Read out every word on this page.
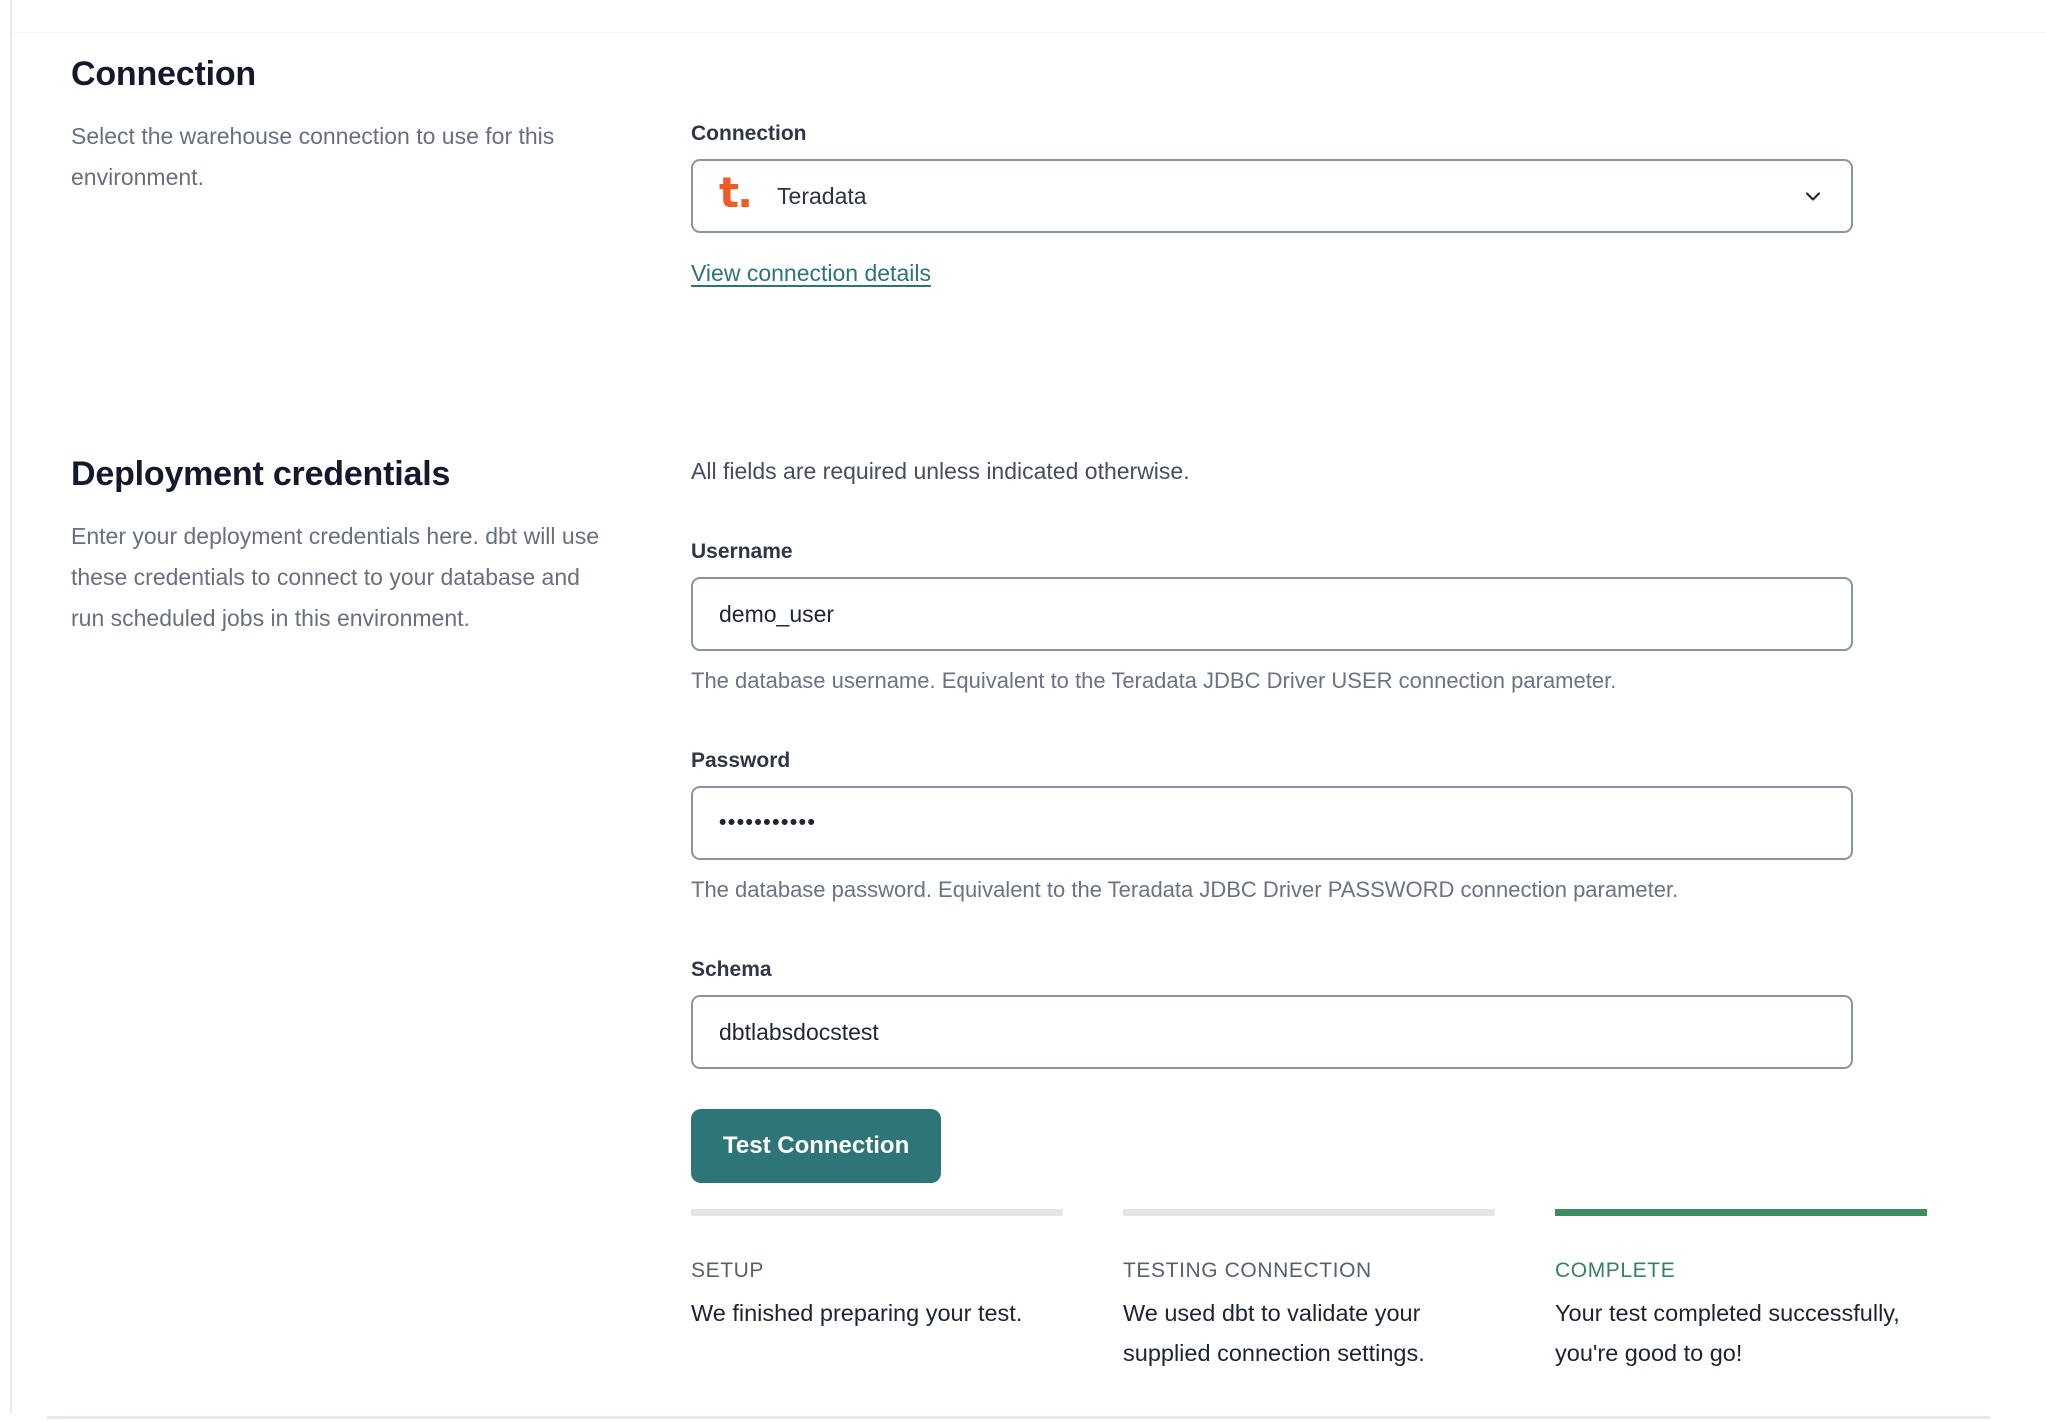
Connection

Select the warehouse connection to use for this environment.

Connection
t. Teradata
View connection details
Deployment credentials

Enter your deployment credentials here. dbt will use these credentials to connect to your database and run scheduled jobs in this environment.

All fields are required unless indicated otherwise.
Username
demo_user
The database username. Equivalent to the Teradata JDBC Driver USER connection parameter.
Password
•••••••••••
The database password. Equivalent to the Teradata JDBC Driver PASSWORD connection parameter.
Schema
dbtlabsdocstest
Test Connection
SETUP
We finished preparing your test.
TESTING CONNECTION
We used dbt to validate your supplied connection settings.
COMPLETE
Your test completed successfully, you're good to go!
